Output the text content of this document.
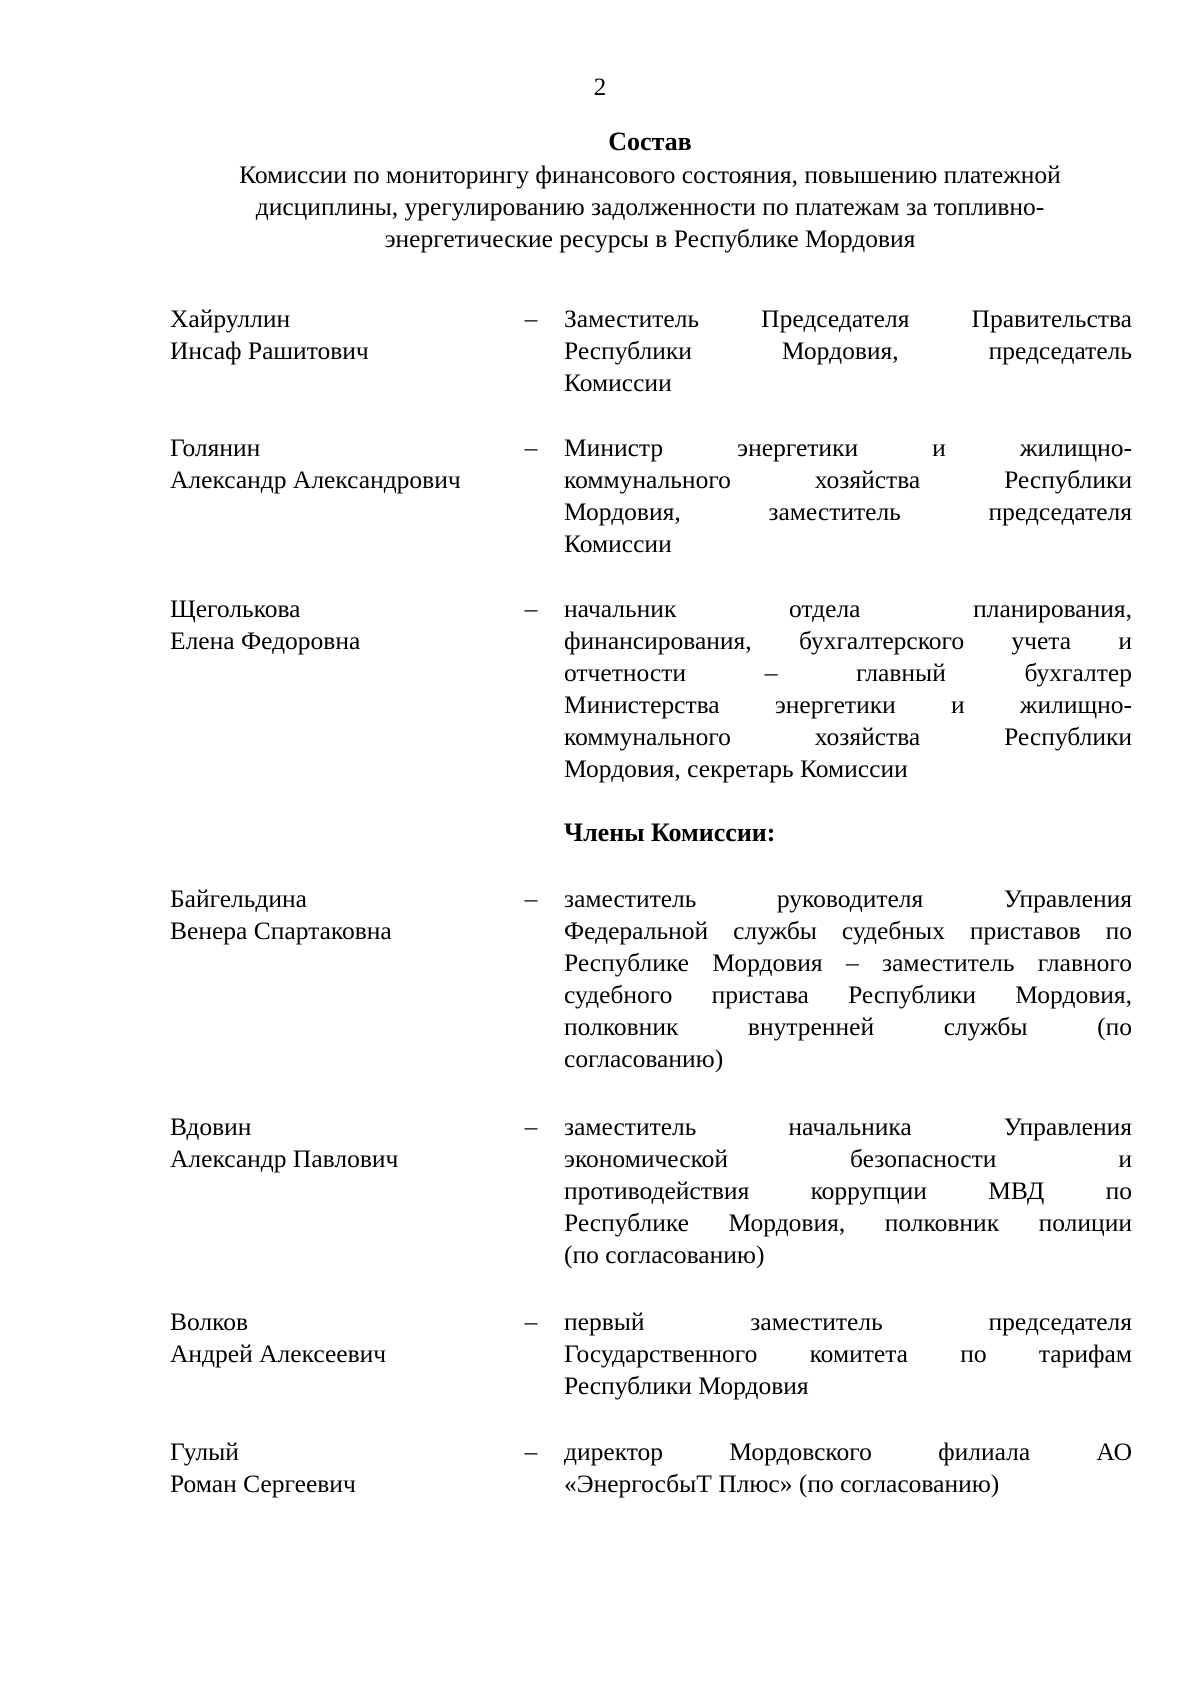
2
Состав
Комиссии по мониторингу финансового состояния, повышению платежной
дисциплины, урегулированию задолженности по платежам за топливно-
энергетические ресурсы в Республике Мордовия
Хайруллин
Инсаф Рашитович
– Заместитель Председателя Правительства
Республики Мордовия, председатель
Комиссии
Голянин
Александр Александрович
– Министр энергетики и жилищно-
коммунального хозяйства Республики
Мордовия, заместитель председателя
Комиссии
Щеголькова
Елена Федоровна
– начальник отдела планирования,
финансирования, бухгалтерского учета и
отчетности – главный бухгалтер
Министерства энергетики и жилищно-
коммунального хозяйства Республики
Мордовия, секретарь Комиссии
Члены Комиссии:
Байгельдина
Венера Спартаковна
– заместитель руководителя Управления
Федеральной службы судебных приставов по
Республике Мордовия – заместитель главного
судебного пристава Республики Мордовия,
полковник внутренней службы (по
согласованию)
Вдовин
Александр Павлович
– заместитель начальника Управления
экономической безопасности и
противодействия коррупции МВД по
Республике Мордовия, полковник полиции
(по согласованию)
Волков
Андрей Алексеевич
– первый заместитель председателя
Государственного комитета по тарифам
Республики Мордовия
Гулый
Роман Сергеевич
– директор Мордовского филиала АО
«ЭнергосбыТ Плюс» (по согласованию)
